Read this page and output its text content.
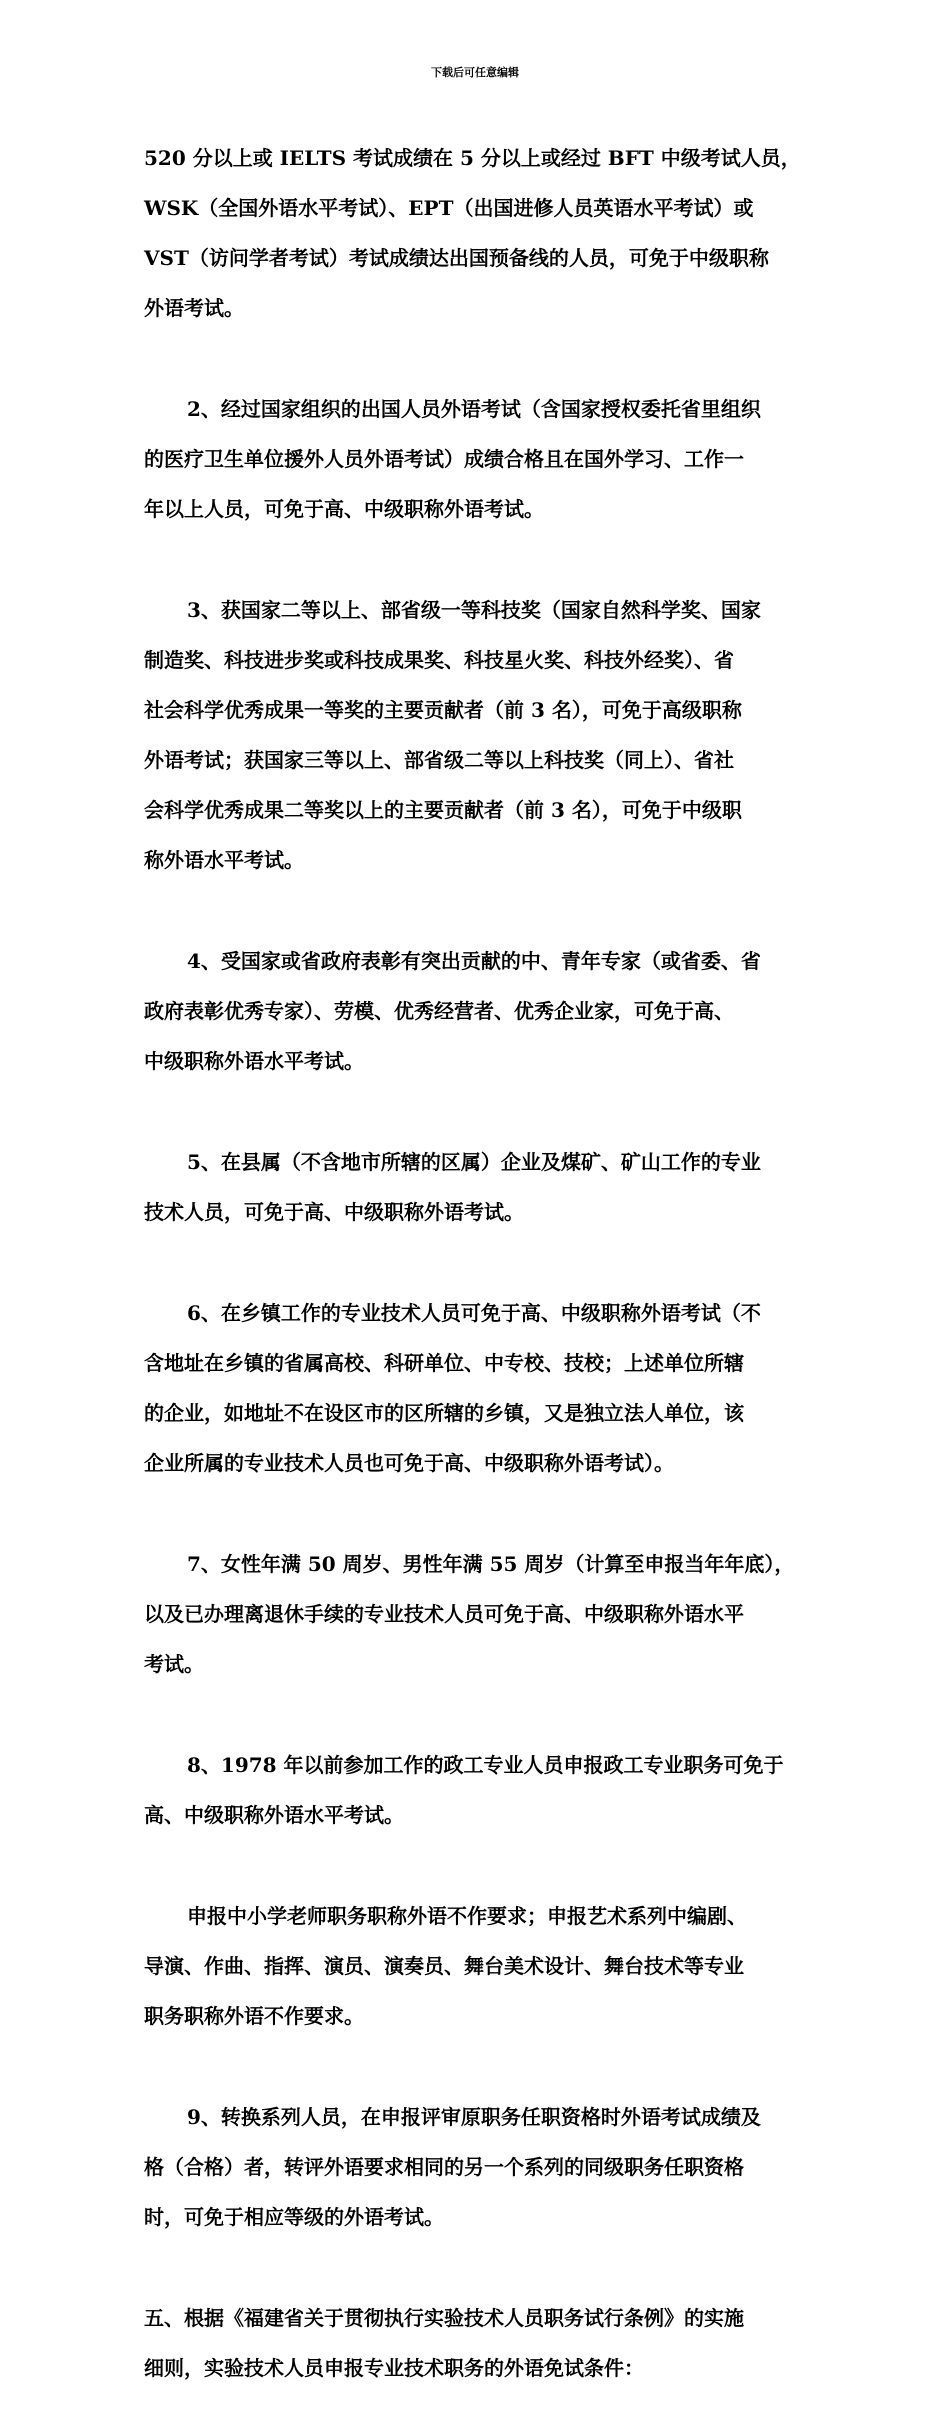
下载后可任意编辑

520 分以上或 IELTS 考试成绩在 5 分以上或经过 BFT 中级考试人员，

WSK（全国外语水平考试）、EPT（出国进修人员英语水平考试）或

VST（访问学者考试）考试成绩达出国预备线的人员，可免于中级职称

外语考试。

2、经过国家组织的出国人员外语考试（含国家授权委托省里组织

的医疗卫生单位援外人员外语考试）成绩合格且在国外学习、工作一

年以上人员，可免于高、中级职称外语考试。

3、获国家二等以上、部省级一等科技奖（国家自然科学奖、国家

制造奖、科技进步奖或科技成果奖、科技星火奖、科技外经奖）、省

社会科学优秀成果一等奖的主要贡献者（前 3 名），可免于高级职称

外语考试；获国家三等以上、部省级二等以上科技奖（同上）、省社

会科学优秀成果二等奖以上的主要贡献者（前 3 名），可免于中级职

称外语水平考试。

4、受国家或省政府表彰有突出贡献的中、青年专家（或省委、省

政府表彰优秀专家）、劳模、优秀经营者、优秀企业家，可免于高、

中级职称外语水平考试。

5、在县属（不含地市所辖的区属）企业及煤矿、矿山工作的专业

技术人员，可免于高、中级职称外语考试。

6、在乡镇工作的专业技术人员可免于高、中级职称外语考试（不

含地址在乡镇的省属高校、科研单位、中专校、技校；上述单位所辖

的企业，如地址不在设区市的区所辖的乡镇，又是独立法人单位，该

企业所属的专业技术人员也可免于高、中级职称外语考试）。

7、女性年满 50 周岁、男性年满 55 周岁（计算至申报当年年底），

以及已办理离退休手续的专业技术人员可免于高、中级职称外语水平

考试。

8、1978 年以前参加工作的政工专业人员申报政工专业职务可免于

高、中级职称外语水平考试。

申报中小学老师职务职称外语不作要求；申报艺术系列中编剧、

导演、作曲、指挥、演员、演奏员、舞台美术设计、舞台技术等专业

职务职称外语不作要求。

9、转换系列人员，在申报评审原职务任职资格时外语考试成绩及

格（合格）者，转评外语要求相同的另一个系列的同级职务任职资格

时，可免于相应等级的外语考试。

五、根据《福建省关于贯彻执行实验技术人员职务试行条例》的实施

细则，实验技术人员申报专业技术职务的外语免试条件：
